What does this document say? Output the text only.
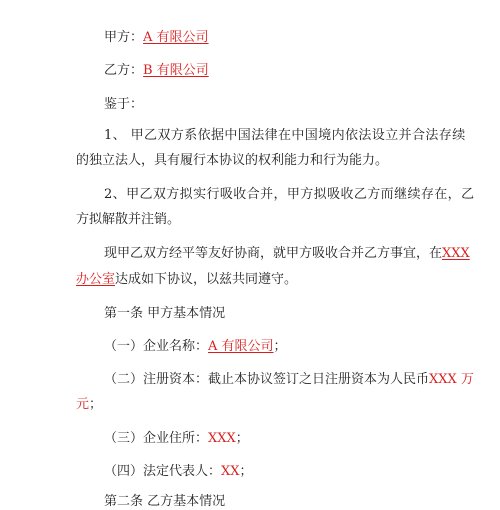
甲方：A 有限公司
乙方：B 有限公司
鉴于：
1、 甲乙双方系依据中国法律在中国境内依法设立并合法存续
的独立法人，具有履行本协议的权利能力和行为能力。
2、甲乙双方拟实行吸收合并，甲方拟吸收乙方而继续存在，乙
方拟解散并注销。
现甲乙双方经平等友好协商，就甲方吸收合并乙方事宜，在XXX
办公室达成如下协议，以兹共同遵守。
第一条 甲方基本情况
（一）企业名称：A 有限公司；
（二）注册资本：截止本协议签订之日注册资本为人民币XXX 万
元；
（三）企业住所：XXX；
（四）法定代表人：XX；
第二条 乙方基本情况
